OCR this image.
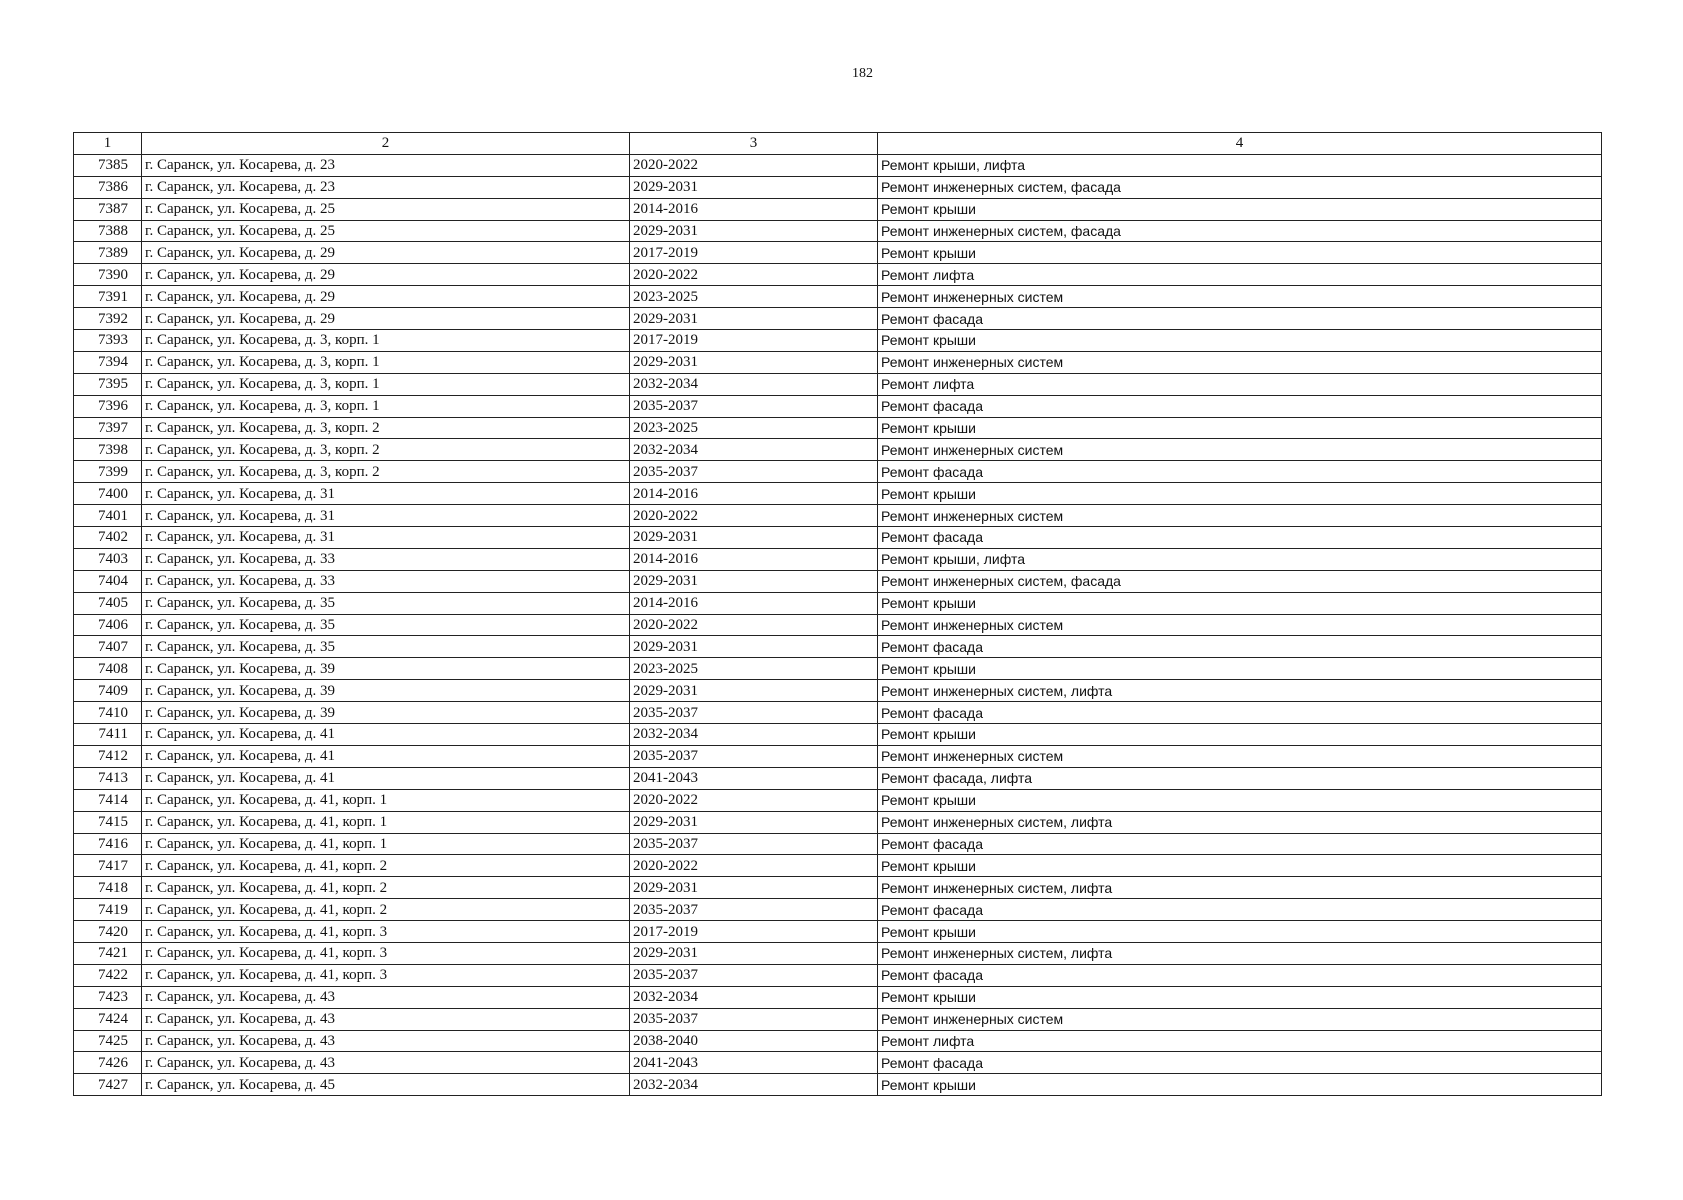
182
1	2	3	4
7385	г. Саранск, ул. Косарева, д. 23	2020-2022	Ремонт крыши, лифта
7386	г. Саранск, ул. Косарева, д. 23	2029-2031	Ремонт инженерных систем, фасада
7387	г. Саранск, ул. Косарева, д. 25	2014-2016	Ремонт крыши
7388	г. Саранск, ул. Косарева, д. 25	2029-2031	Ремонт инженерных систем, фасада
7389	г. Саранск, ул. Косарева, д. 29	2017-2019	Ремонт крыши
7390	г. Саранск, ул. Косарева, д. 29	2020-2022	Ремонт лифта
7391	г. Саранск, ул. Косарева, д. 29	2023-2025	Ремонт инженерных систем
7392	г. Саранск, ул. Косарева, д. 29	2029-2031	Ремонт фасада
7393	г. Саранск, ул. Косарева, д. 3, корп. 1	2017-2019	Ремонт крыши
7394	г. Саранск, ул. Косарева, д. 3, корп. 1	2029-2031	Ремонт инженерных систем
7395	г. Саранск, ул. Косарева, д. 3, корп. 1	2032-2034	Ремонт лифта
7396	г. Саранск, ул. Косарева, д. 3, корп. 1	2035-2037	Ремонт фасада
7397	г. Саранск, ул. Косарева, д. 3, корп. 2	2023-2025	Ремонт крыши
7398	г. Саранск, ул. Косарева, д. 3, корп. 2	2032-2034	Ремонт инженерных систем
7399	г. Саранск, ул. Косарева, д. 3, корп. 2	2035-2037	Ремонт фасада
7400	г. Саранск, ул. Косарева, д. 31	2014-2016	Ремонт крыши
7401	г. Саранск, ул. Косарева, д. 31	2020-2022	Ремонт инженерных систем
7402	г. Саранск, ул. Косарева, д. 31	2029-2031	Ремонт фасада
7403	г. Саранск, ул. Косарева, д. 33	2014-2016	Ремонт крыши, лифта
7404	г. Саранск, ул. Косарева, д. 33	2029-2031	Ремонт инженерных систем, фасада
7405	г. Саранск, ул. Косарева, д. 35	2014-2016	Ремонт крыши
7406	г. Саранск, ул. Косарева, д. 35	2020-2022	Ремонт инженерных систем
7407	г. Саранск, ул. Косарева, д. 35	2029-2031	Ремонт фасада
7408	г. Саранск, ул. Косарева, д. 39	2023-2025	Ремонт крыши
7409	г. Саранск, ул. Косарева, д. 39	2029-2031	Ремонт инженерных систем, лифта
7410	г. Саранск, ул. Косарева, д. 39	2035-2037	Ремонт фасада
7411	г. Саранск, ул. Косарева, д. 41	2032-2034	Ремонт крыши
7412	г. Саранск, ул. Косарева, д. 41	2035-2037	Ремонт инженерных систем
7413	г. Саранск, ул. Косарева, д. 41	2041-2043	Ремонт фасада, лифта
7414	г. Саранск, ул. Косарева, д. 41, корп. 1	2020-2022	Ремонт крыши
7415	г. Саранск, ул. Косарева, д. 41, корп. 1	2029-2031	Ремонт инженерных систем, лифта
7416	г. Саранск, ул. Косарева, д. 41, корп. 1	2035-2037	Ремонт фасада
7417	г. Саранск, ул. Косарева, д. 41, корп. 2	2020-2022	Ремонт крыши
7418	г. Саранск, ул. Косарева, д. 41, корп. 2	2029-2031	Ремонт инженерных систем, лифта
7419	г. Саранск, ул. Косарева, д. 41, корп. 2	2035-2037	Ремонт фасада
7420	г. Саранск, ул. Косарева, д. 41, корп. 3	2017-2019	Ремонт крыши
7421	г. Саранск, ул. Косарева, д. 41, корп. 3	2029-2031	Ремонт инженерных систем, лифта
7422	г. Саранск, ул. Косарева, д. 41, корп. 3	2035-2037	Ремонт фасада
7423	г. Саранск, ул. Косарева, д. 43	2032-2034	Ремонт крыши
7424	г. Саранск, ул. Косарева, д. 43	2035-2037	Ремонт инженерных систем
7425	г. Саранск, ул. Косарева, д. 43	2038-2040	Ремонт лифта
7426	г. Саранск, ул. Косарева, д. 43	2041-2043	Ремонт фасада
7427	г. Саранск, ул. Косарева, д. 45	2032-2034	Ремонт крыши
